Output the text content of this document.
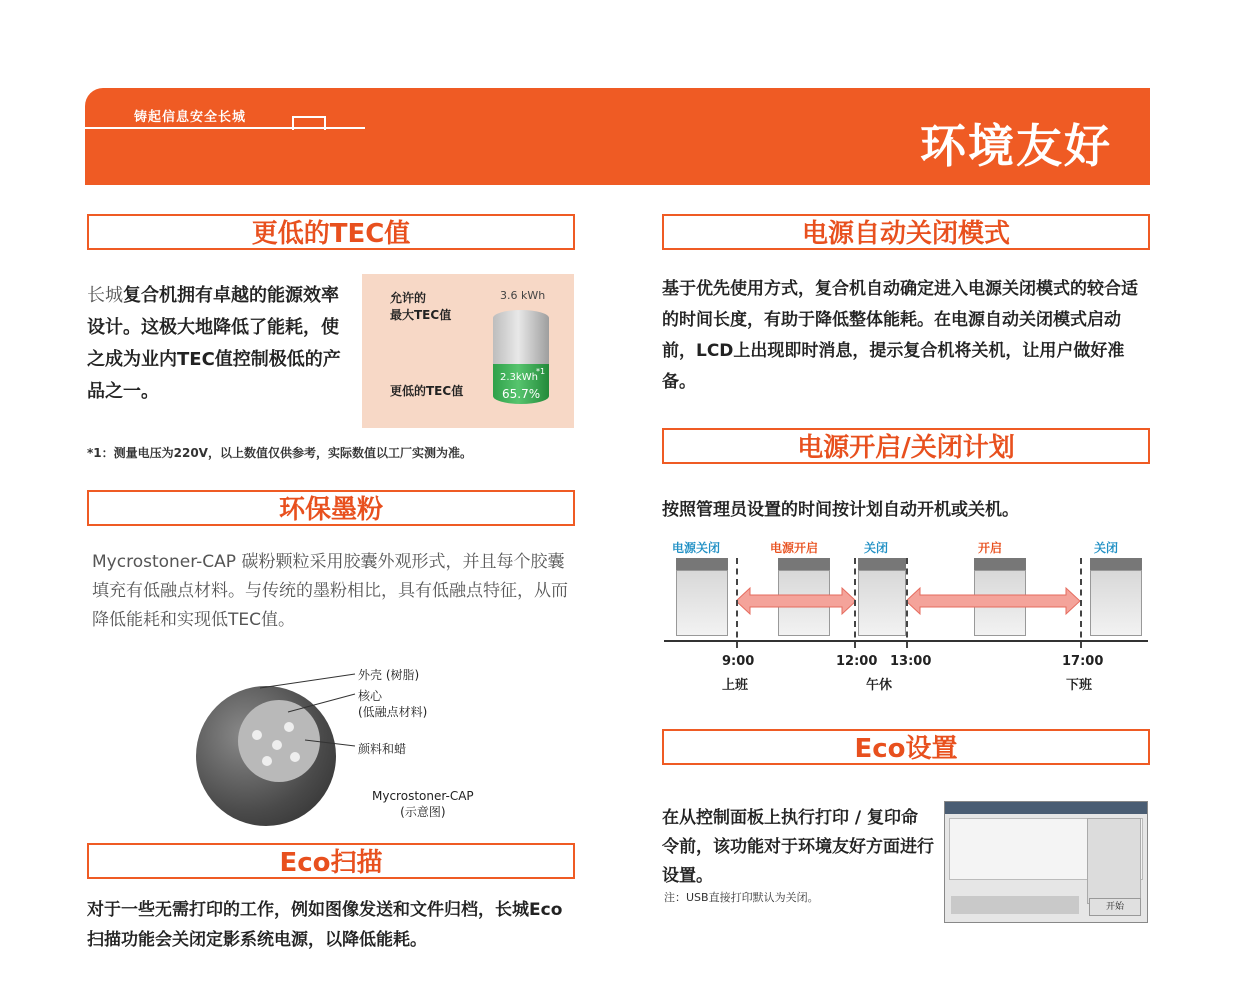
铸起信息安全长城
环境友好
更低的TEC值
长城复合机拥有卓越的能源效率设计。这极大地降低了能耗，使之成为业内TEC值控制极低的产品之一。
允许的
最大TEC值
3.6 kWh
2.3kWh
*1
65.7%
更低的TEC值
*1：测量电压为220V，以上数值仅供参考，实际数值以工厂实测为准。
环保墨粉
Mycrostoner-CAP 碳粉颗粒采用胶囊外观形式，并且每个胶囊填充有低融点材料。与传统的墨粉相比，具有低融点特征，从而降低能耗和实现低TEC值。
外壳 (树脂)
核心
(低融点材料)
颜料和蜡
Mycrostoner-CAP
(示意图)
Eco扫描
对于一些无需打印的工作，例如图像发送和文件归档，长城Eco扫描功能会关闭定影系统电源，以降低能耗。
电源自动关闭模式
基于优先使用方式，复合机自动确定进入电源关闭模式的较合适的时间长度，有助于降低整体能耗。在电源自动关闭模式启动前，LCD上出现即时消息，提示复合机将关机，让用户做好准备。
电源开启/关闭计划
按照管理员设置的时间按计划自动开机或关机。
电源关闭	电源开启	关闭	开启	关闭
9:00	12:00 13:00	17:00
上班	午休	下班
Eco设置
在从控制面板上执行打印 / 复印命令前，该功能对于环境友好方面进行设置。
注：USB直接打印默认为关闭。
开始
